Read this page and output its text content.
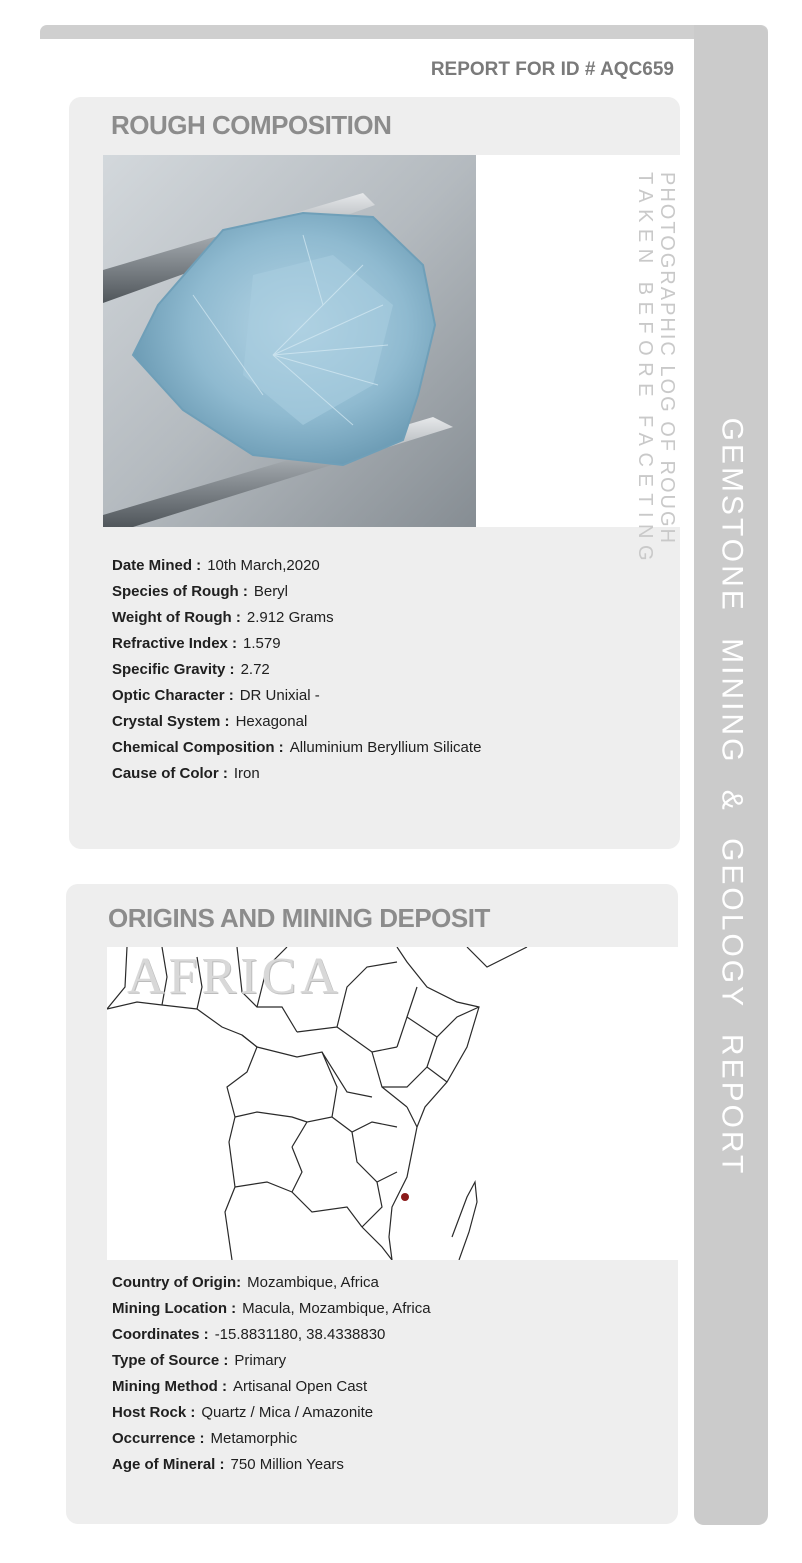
GEMSTONE MINING & GEOLOGY REPORT
REPORT FOR ID # AQC659
ROUGH COMPOSITION
PHOTOGRAPHIC LOG OF ROUGH
TAKEN BEFORE FACETING
Date Mined : 10th March,2020
Species of Rough : Beryl
Weight of Rough : 2.912 Grams
Refractive Index : 1.579
Specific Gravity : 2.72
Optic Character : DR Unixial -
Crystal System : Hexagonal
Chemical Composition : Alluminium Beryllium Silicate
Cause of Color : Iron
ORIGINS AND MINING DEPOSIT
AFRICA
Country of Origin: Mozambique, Africa
Mining Location : Macula, Mozambique, Africa
Coordinates : -15.8831180, 38.4338830
Type of Source : Primary
Mining Method : Artisanal Open Cast
Host Rock : Quartz / Mica / Amazonite
Occurrence : Metamorphic
Age of Mineral : 750 Million Years
